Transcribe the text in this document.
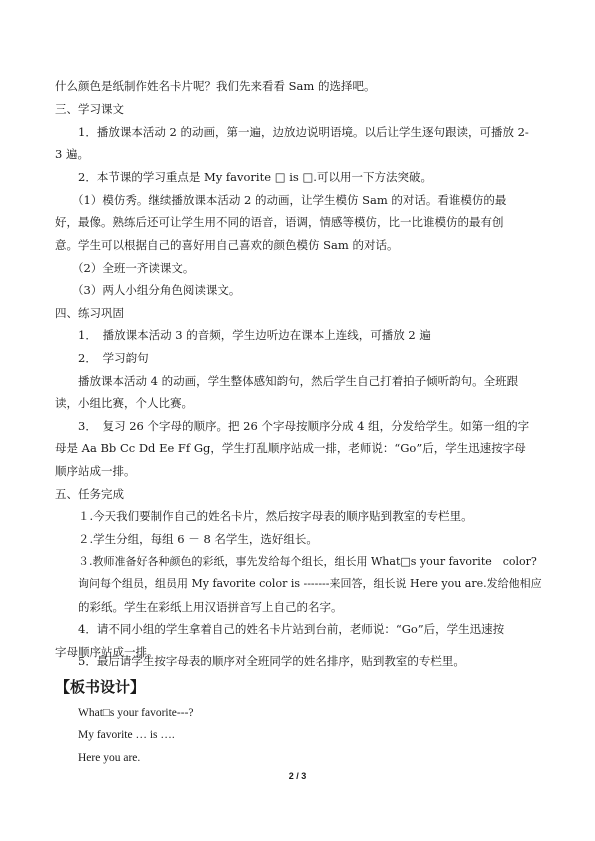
什么颜色是纸制作姓名卡片呢？我们先来看看 Sam 的选择吧。
三、学习课文
1．播放课本活动 2 的动画，第一遍，边放边说明语境。以后让学生逐句跟读，可播放 2-
3 遍。
2．本节课的学习重点是 My favorite □ is □.可以用一下方法突破。
（1）模仿秀。继续播放课本活动 2 的动画，让学生模仿 Sam 的对话。看谁模仿的最
好，最像。熟练后还可让学生用不同的语音，语调，情感等模仿，比一比谁模仿的最有创
意。学生可以根据自己的喜好用自己喜欢的颜色模仿 Sam 的对话。
（2）全班一齐读课文。
（3）两人小组分角色阅读课文。
四、练习巩固
1．　播放课本活动 3 的音频，学生边听边在课本上连线，可播放 2 遍
2．　学习韵句
播放课本活动 4 的动画，学生整体感知韵句，然后学生自己打着拍子倾听韵句。全班跟
读，小组比赛，个人比赛。
3．　复习 26 个字母的顺序。把 26 个字母按顺序分成 4 组，分发给学生。如第一组的字
母是 Aa Bb Cc Dd Ee Ff Gg，学生打乱顺序站成一排，老师说：“Go”后，学生迅速按字母
顺序站成一排。
五、任务完成
１.今天我们要制作自己的姓名卡片，然后按字母表的顺序贴到教室的专栏里。
２.学生分组，每组 6 － 8 名学生，选好组长。
３.教师准备好各种颜色的彩纸，事先发给每个组长，组长用 What□s your favorite　color?
询问每个组员，组员用 My favorite color is -------来回答，组长说 Here you are.发给他相应
的彩纸。学生在彩纸上用汉语拼音写上自己的名字。
4．请不同小组的学生拿着自己的姓名卡片站到台前，老师说：“Go”后，学生迅速按
字母顺序站成一排。
5．最后请学生按字母表的顺序对全班同学的姓名排序，贴到教室的专栏里。
【板书设计】
What□s your favorite---?
My favorite … is ….
Here you are.
2 / 3
